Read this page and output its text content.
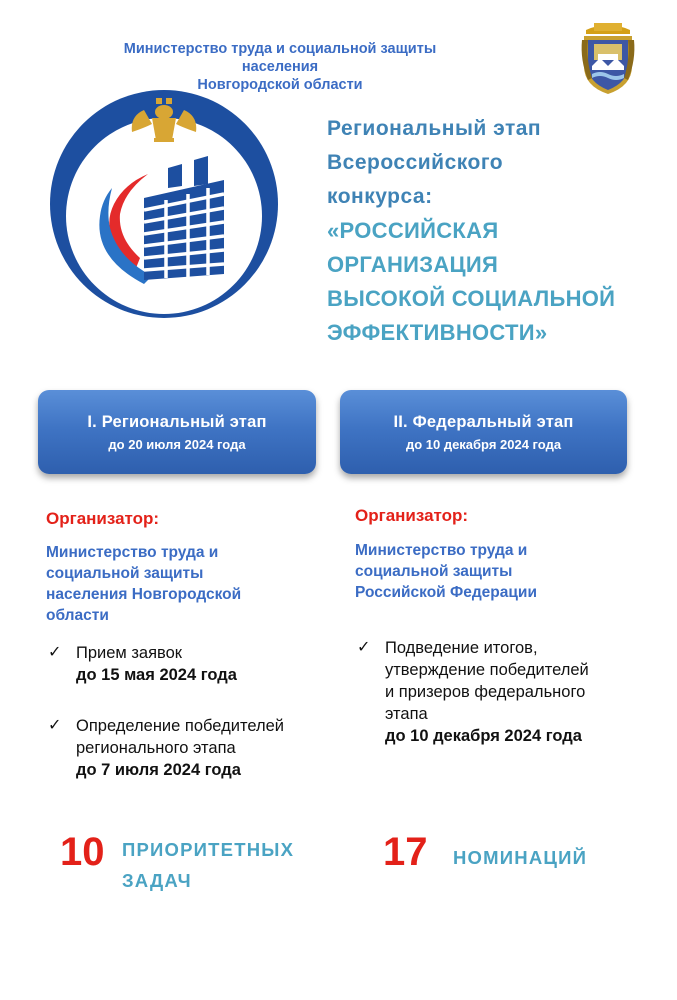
Министерство труда и социальной защиты населения
Новгородской области
Региональный этап
Всероссийского
конкурса:
«РОССИЙСКАЯ
ОРГАНИЗАЦИЯ
ВЫСОКОЙ СОЦИАЛЬНОЙ
ЭФФЕКТИВНОСТИ»
I. Региональный этап
до 20 июля 2024 года
II. Федеральный этап
до 10 декабря 2024 года
Организатор:
Министерство труда и
социальной защиты
населения Новгородской
области
✓ Прием заявок
до 15 мая 2024 года
✓ Определение победителей
регионального этапа
до 7 июля 2024 года
Организатор:
Министерство труда и
социальной защиты
Российской Федерации
✓ Подведение итогов,
утверждение победителей
и призеров федерального
этапа
до 10 декабря 2024 года
10 ПРИОРИТЕТНЫХ
ЗАДАЧ
17 НОМИНАЦИЙ
